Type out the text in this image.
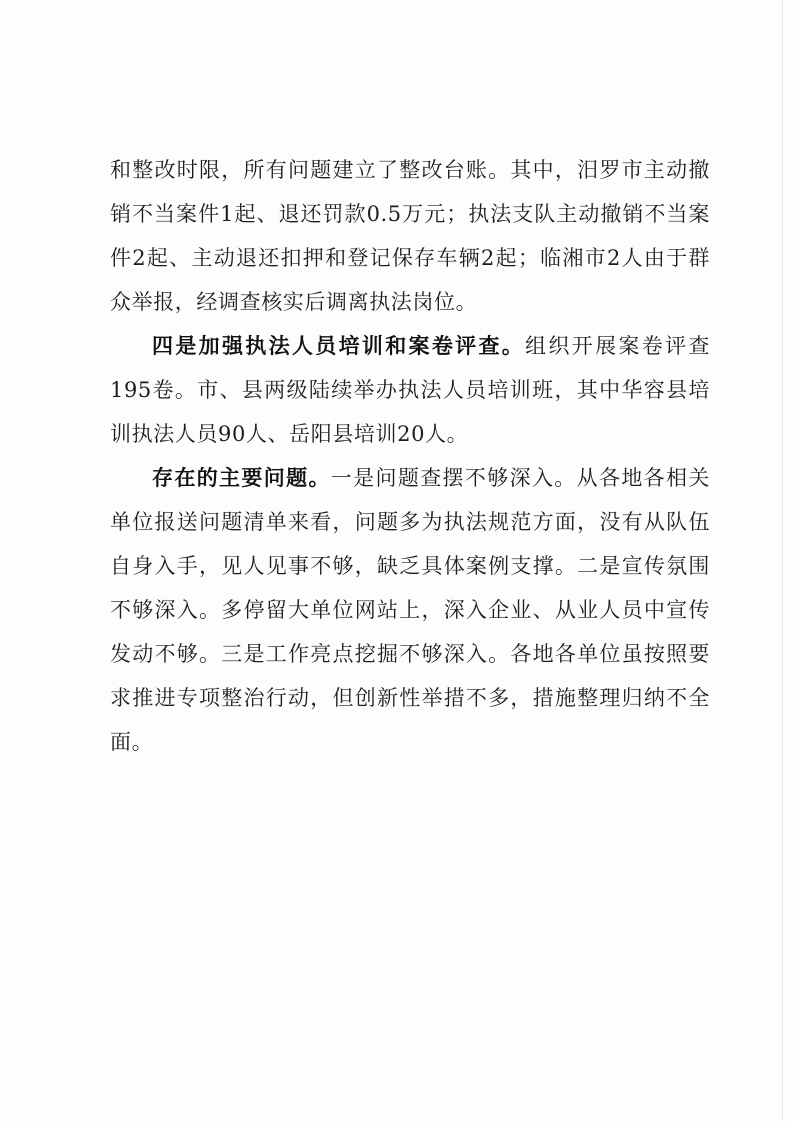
和整改时限，所有问题建立了整改台账。其中，汨罗市主动撤销不当案件1起、退还罚款0.5万元；执法支队主动撤销不当案件2起、主动退还扣押和登记保存车辆2起；临湘市2人由于群众举报，经调查核实后调离执法岗位。

四是加强执法人员培训和案卷评查。组织开展案卷评查195卷。市、县两级陆续举办执法人员培训班，其中华容县培训执法人员90人、岳阳县培训20人。

存在的主要问题。一是问题查摆不够深入。从各地各相关单位报送问题清单来看，问题多为执法规范方面，没有从队伍自身入手，见人见事不够，缺乏具体案例支撑。二是宣传氛围不够深入。多停留大单位网站上，深入企业、从业人员中宣传发动不够。三是工作亮点挖掘不够深入。各地各单位虽按照要求推进专项整治行动，但创新性举措不多，措施整理归纳不全面。
